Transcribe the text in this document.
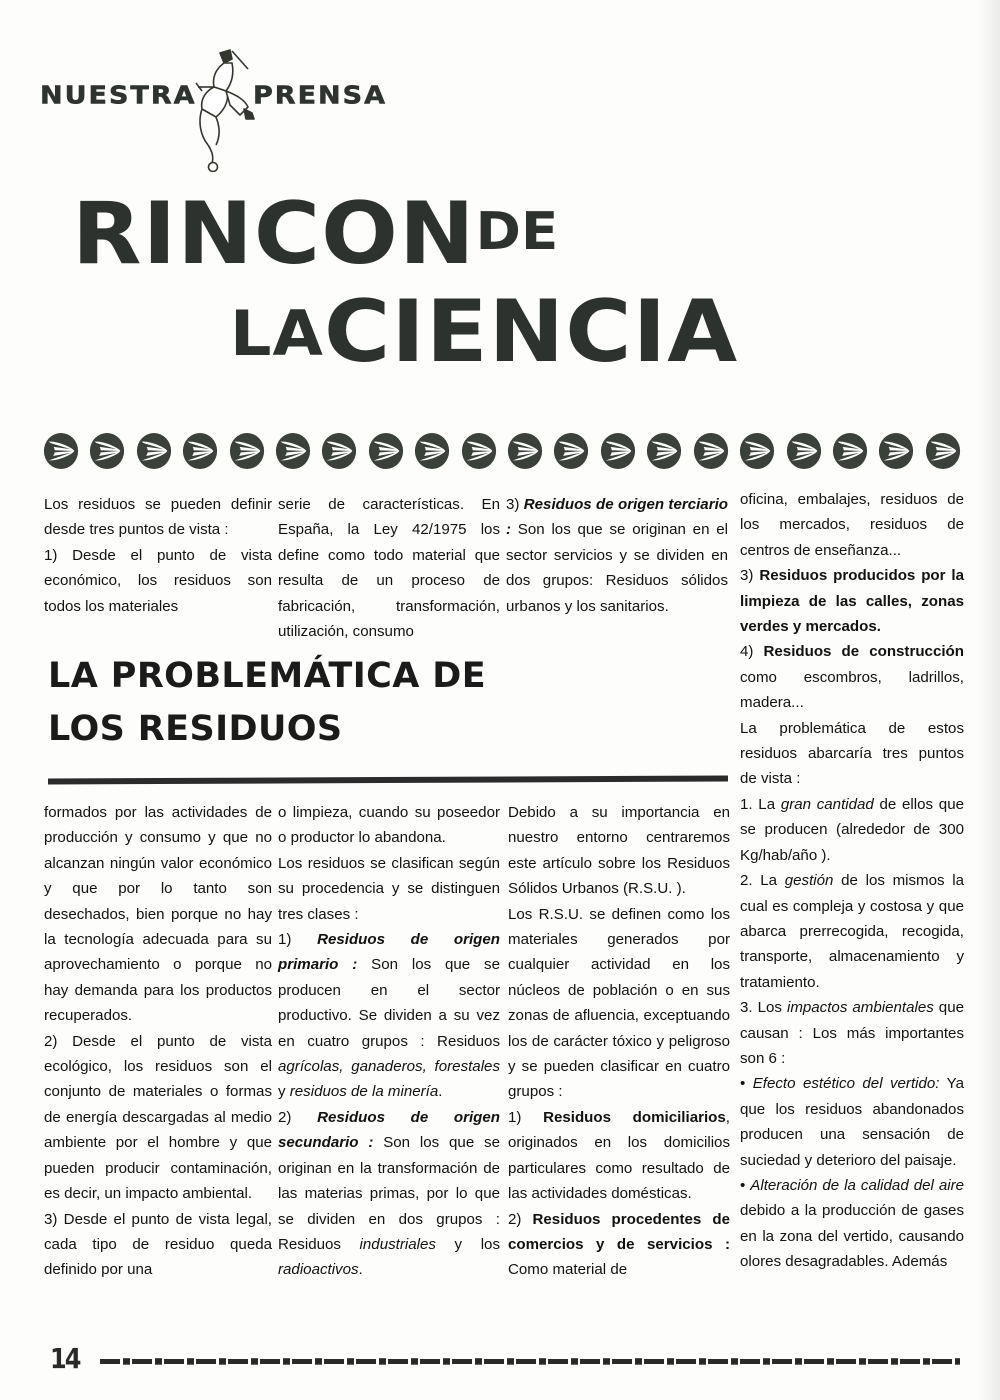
NUESTRA PRENSA
RINCONDE
LACIENCIA

Los residuos se pueden definir desde tres puntos de vista :

1) Desde el punto de vista económico, los residuos son todos los materiales

serie de características. En España, la Ley 42/1975 los define como todo material que resulta de un proceso de fabricación, transformación, utilización, consumo

3) Residuos de origen terciario : Son los que se originan en el sector servicios y se dividen en dos grupos: Residuos sólidos urbanos y los sanitarios.

LA PROBLEMÁTICA DE LOS RESIDUOS

formados por las actividades de producción y consumo y que no alcanzan ningún valor económico y que por lo tanto son desechados, bien porque no hay la tecnología adecuada para su aprovechamiento o porque no hay demanda para los productos recuperados.

2) Desde el punto de vista ecológico, los residuos son el conjunto de materiales o formas de energía descargadas al medio ambiente por el hombre y que pueden producir contaminación, es decir, un impacto ambiental.

3) Desde el punto de vista legal, cada tipo de residuo queda definido por una

o limpieza, cuando su poseedor o productor lo abandona.

Los residuos se clasifican según su procedencia y se distinguen tres clases :

1) Residuos de origen primario : Son los que se producen en el sector productivo. Se dividen a su vez en cuatro grupos : Residuos agrícolas, ganaderos, forestales y residuos de la minería.

2) Residuos de origen secundario : Son los que se originan en la transformación de las materias primas, por lo que se dividen en dos grupos : Residuos industriales y los radioactivos.

Debido a su importancia en nuestro entorno centraremos este artículo sobre los Residuos Sólidos Urbanos (R.S.U. ).

Los R.S.U. se definen como los materiales generados por cualquier actividad en los núcleos de población o en sus zonas de afluencia, exceptuando los de carácter tóxico y peligroso y se pueden clasificar en cuatro grupos :

1) Residuos domiciliarios, originados en los domicilios particulares como resultado de las actividades domésticas.

2) Residuos procedentes de comercios y de servicios : Como material de

oficina, embalajes, residuos de los mercados, residuos de centros de enseñanza...

3) Residuos producidos por la limpieza de las calles, zonas verdes y mercados.

4) Residuos de construcción como escombros, ladrillos, madera...

La problemática de estos residuos abarcaría tres puntos de vista :

1. La gran cantidad de ellos que se producen (alrededor de 300 Kg/hab/año ).

2. La gestión de los mismos la cual es compleja y costosa y que abarca prerrecogida, recogida, transporte, almacenamiento y tratamiento.

3. Los impactos ambientales que causan : Los más importantes son 6 :

• Efecto estético del vertido: Ya que los residuos abandonados producen una sensación de suciedad y deterioro del paisaje.

• Alteración de la calidad del aire debido a la producción de gases en la zona del vertido, causando olores desagradables. Además

14
